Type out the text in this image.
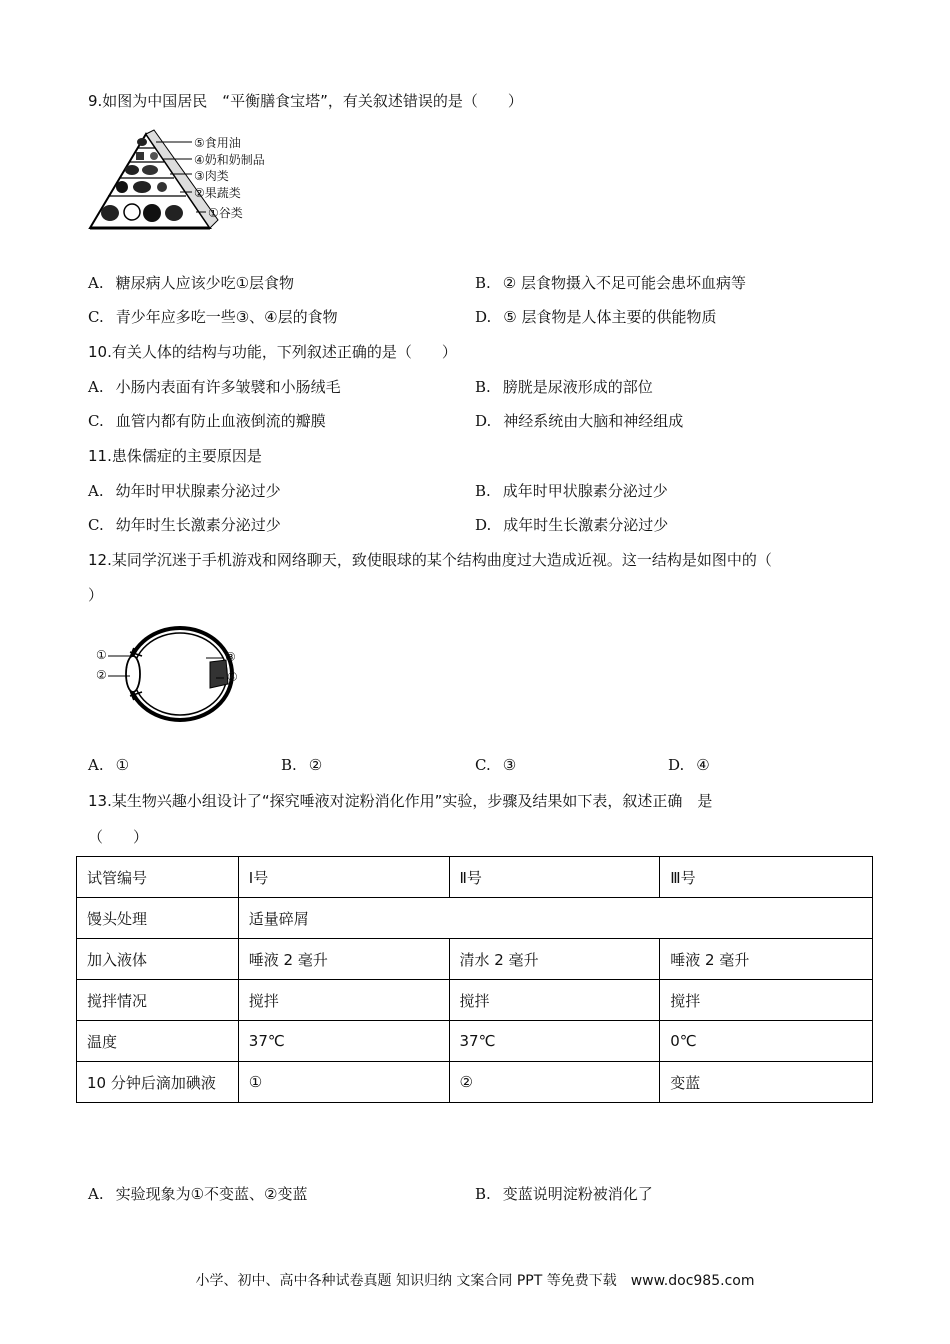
9.如图为中国居民　“平衡膳食宝塔”，有关叙述错误的是（　　）
⑤食用油
④奶和奶制品
③肉类
②果蔬类
①谷类
A. 糖尿病人应该少吃①层食物	B. ② 层食物摄入不足可能会患坏血病等
C. 青少年应多吃一些③、④层的食物	D. ⑤ 层食物是人体主要的供能物质
10.有关人体的结构与功能，下列叙述正确的是（　　）
A. 小肠内表面有许多皱襞和小肠绒毛	B. 膀胱是尿液形成的部位
C. 血管内都有防止血液倒流的瓣膜	D. 神经系统由大脑和神经组成
11.患侏儒症的主要原因是
A. 幼年时甲状腺素分泌过少	B. 成年时甲状腺素分泌过少
C. 幼年时生长激素分泌过少	D. 成年时生长激素分泌过少
12.某同学沉迷于手机游戏和网络聊天，致使眼球的某个结构曲度过大造成近视。这一结构是如图中的（
）
①
②
③
④
A. ①	B. ②	C. ③	D. ④
13.某生物兴趣小组设计了“探究唾液对淀粉消化作用”实验，步骤及结果如下表，叙述正确　是
（　　）
试管编号	Ⅰ号	Ⅱ号	Ⅲ号
馒头处理	适量碎屑		
加入液体	唾液 2 毫升	清水 2 毫升	唾液 2 毫升
搅拌情况	搅拌	搅拌	搅拌
温度	37℃	37℃	0℃
10 分钟后滴加碘液	①	②	变蓝
A. 实验现象为①不变蓝、②变蓝	B. 变蓝说明淀粉被消化了
小学、初中、高中各种试卷真题 知识归纳 文案合同 PPT 等免费下载　www.doc985.com
